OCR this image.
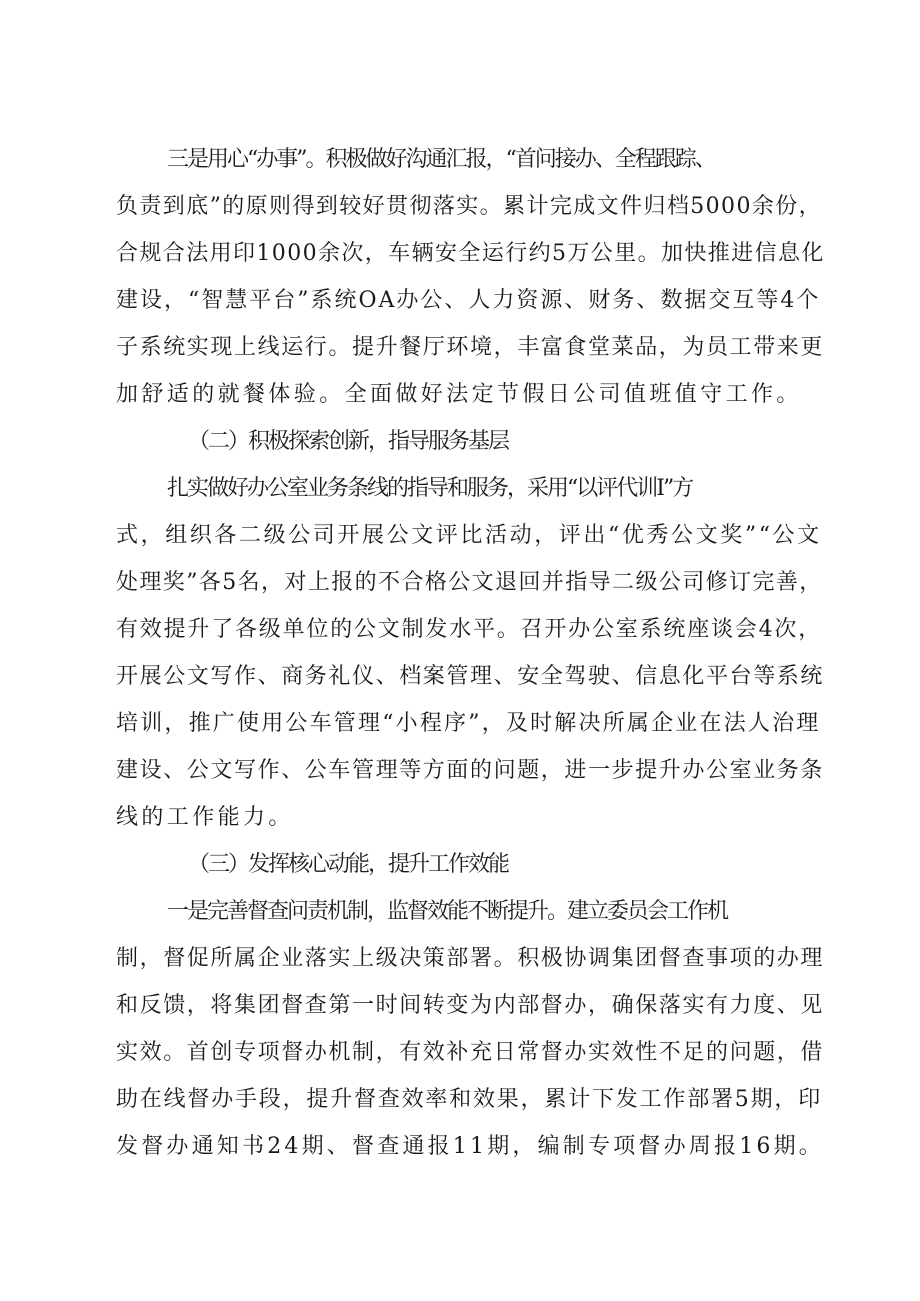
三是用心“办事”。积极做好沟通汇报，“首问接办、全程跟踪、
负责到底”的原则得到较好贯彻落实。累计完成文件归档5000余份，
合规合法用印1000余次，车辆安全运行约5万公里。加快推进信息化
建设，“智慧平台”系统OA办公、人力资源、财务、数据交互等4个
子系统实现上线运行。提升餐厅环境，丰富食堂菜品，为员工带来更
加舒适的就餐体验。全面做好法定节假日公司值班值守工作。
（二）积极探索创新，指导服务基层
扎实做好办公室业务条线的指导和服务，采用“以评代训I”方
式，组织各二级公司开展公文评比活动，评出“优秀公文奖”“公文
处理奖”各5名，对上报的不合格公文退回并指导二级公司修订完善，
有效提升了各级单位的公文制发水平。召开办公室系统座谈会4次，
开展公文写作、商务礼仪、档案管理、安全驾驶、信息化平台等系统
培训，推广使用公车管理“小程序”，及时解决所属企业在法人治理
建设、公文写作、公车管理等方面的问题，进一步提升办公室业务条
线的工作能力。
（三）发挥核心动能，提升工作效能
一是完善督查问责机制，监督效能不断提升。建立委员会工作机
制，督促所属企业落实上级决策部署。积极协调集团督查事项的办理
和反馈，将集团督查第一时间转变为内部督办，确保落实有力度、见
实效。首创专项督办机制，有效补充日常督办实效性不足的问题，借
助在线督办手段，提升督查效率和效果，累计下发工作部署5期，印
发督办通知书24期、督查通报11期，编制专项督办周报16期。
